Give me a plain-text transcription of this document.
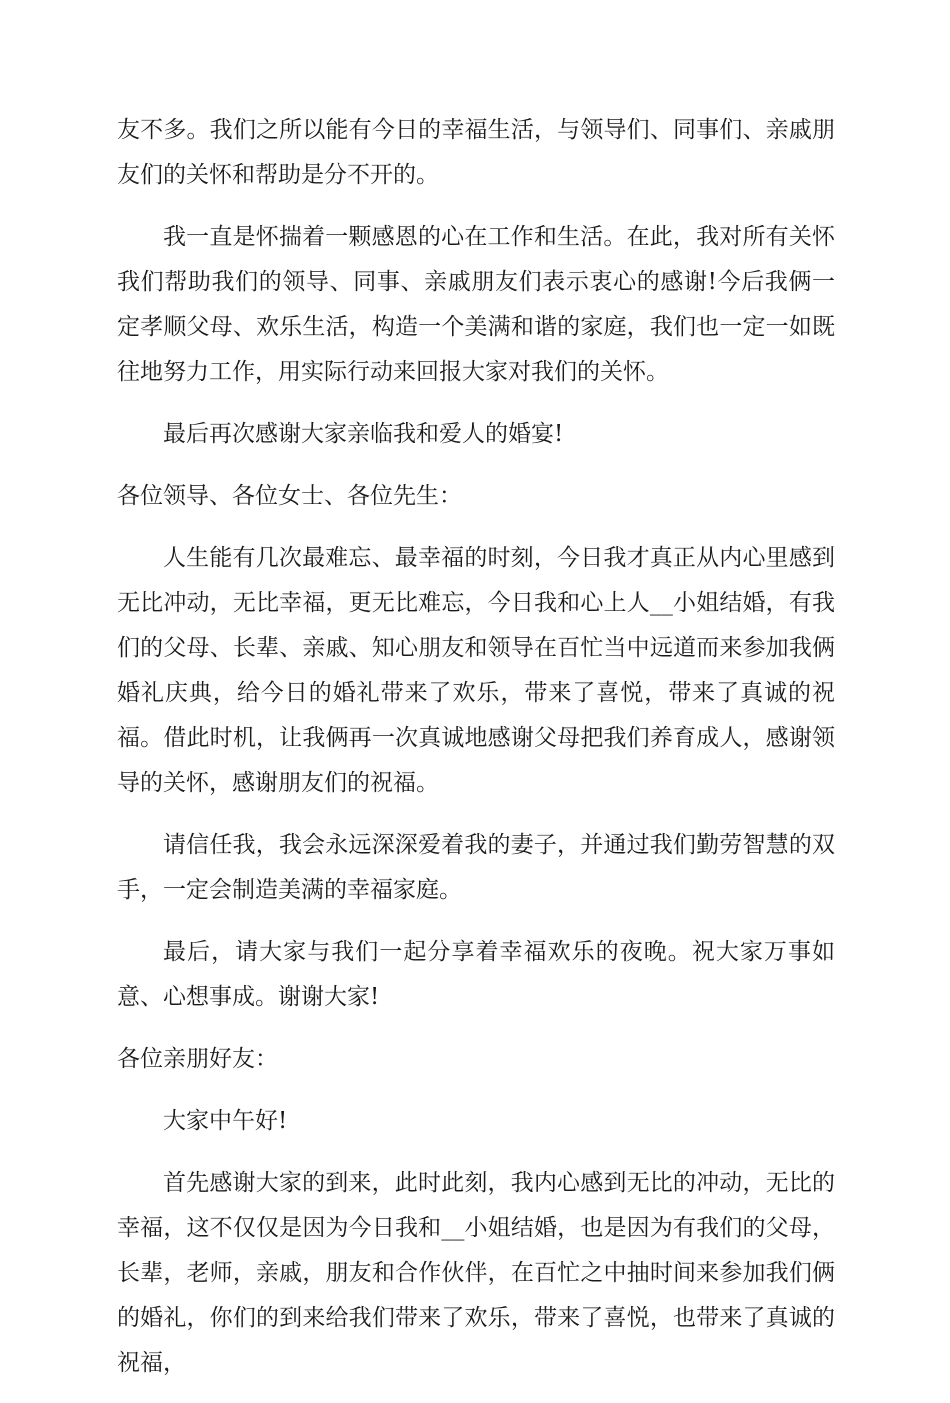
友不多。我们之所以能有今日的幸福生活，与领导们、同事们、亲戚朋友们的关怀和帮助是分不开的。

我一直是怀揣着一颗感恩的心在工作和生活。在此，我对所有关怀我们帮助我们的领导、同事、亲戚朋友们表示衷心的感谢!今后我俩一定孝顺父母、欢乐生活，构造一个美满和谐的家庭，我们也一定一如既往地努力工作，用实际行动来回报大家对我们的关怀。

最后再次感谢大家亲临我和爱人的婚宴!

各位领导、各位女士、各位先生：

人生能有几次最难忘、最幸福的时刻，今日我才真正从内心里感到无比冲动，无比幸福，更无比难忘，今日我和心上人__小姐结婚，有我们的父母、长辈、亲戚、知心朋友和领导在百忙当中远道而来参加我俩婚礼庆典，给今日的婚礼带来了欢乐，带来了喜悦，带来了真诚的祝福。借此时机，让我俩再一次真诚地感谢父母把我们养育成人，感谢领导的关怀，感谢朋友们的祝福。

请信任我，我会永远深深爱着我的妻子，并通过我们勤劳智慧的双手，一定会制造美满的幸福家庭。

最后，请大家与我们一起分享着幸福欢乐的夜晚。祝大家万事如意、心想事成。谢谢大家!

各位亲朋好友：

大家中午好!

首先感谢大家的到来，此时此刻，我内心感到无比的冲动，无比的幸福，这不仅仅是因为今日我和__小姐结婚，也是因为有我们的父母，长辈，老师，亲戚，朋友和合作伙伴，在百忙之中抽时间来参加我们俩的婚礼，你们的到来给我们带来了欢乐，带来了喜悦，也带来了真诚的祝福，
